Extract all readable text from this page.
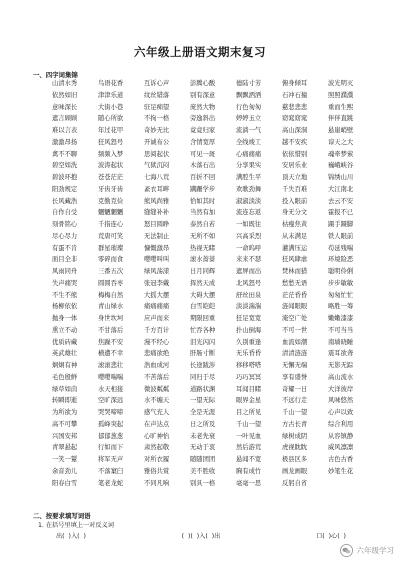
六年级上册语文期末复习
一、四字词集锦
山清水秀	鸟语花香	互诉心声	彭腾心酸	德陆寸芳	俯身倾耳	波光明灭
依然如旧	津津乐道	纹丝错落	别有深意	飘飘洒洒	石冲石撞	照照濮濮
意味深长	大街小巷	驻足痴望	庞然大物	行色匆匆	慈悲悲悲	重而生熙
遮言顾顾	随心所欲	不拘一格	旁逸斜出	婷婷玉立	窈窕窈窕	伴伴直跳
难以言表	年过花甲	奇妙无比	竟竟归家	流淌一气	高山深洞	悬崖峭壁
激激昂扬	狂风怒号	开诚布公	含情宽厚	全线竣工	越不安疾	谆天之大
禽不不聊	频频入梦	思阅起伏	可见一斑	心痛痛痛	依依惜别	魂牵梦萦
碧空如洗	波涛起状	气狱沉闷	木落石出	分享果实	安居乐业	巍峨峡谷
碧波环抱	苍苍茫茫	七海八荒	百折不回	满腔生平	顶天立地	锦绣山川
阳劲规定	牙齿牙齿	紊衣耳畔	蹒跚学步	欢歌劲舞	千失百难	大江南北
长风藏浩	克勤克俭	熊风尚雅	恰如其时	淑淑淡淡	投入眼前	去云不安
自作自受	魍魉魍魉	缝缝补补	当然有加	流连忘返	身无分文	霍报不已
刻骨铭心	千指连心	怒目圆睁	泰然自若	一如既往	枯瘦焦黄	蹑手蹑脚
尽心尽力	荒唐可笑	无法制止	无所不如	兴高采烈	从未满足	铁人眼前
有蛋不肯	群星璀璨	慷慨激昂	热视无睹	一命呜呼	灌满压运	苟延残喘
面目全非	零碎而食	嘤嘤叫叫	滚水蔷蔷	来来不瑟	狂风肆虐	环境险恶
风雨同舟	三番五次	绿风荡漾	日月同辉	遮屏而出	焚林而猎	聪明伶俐
失声痛哭	圆圆吞枣	张冠李戴	挥然天成	北风怒号	愁愁无语	步步敏敏
不生不熊	梅梅自然	大摇大摆	大碍大摆	舒丝田泉	茫茫昏昏	匆匆忙忙
杨柳依依	青山绿水	痛痛痛痛	白雪皑皑	淡淡湍湍	涟闻眼眼	略胜一筹
抛身一体	身世坎坷	应声而来	期限回重	狂足宽宽	淹空广处	嫩嫩漆漆
熏立不动	不甘落后	千方百计	忙吞各种	扑山倒海	不可一世	不可当当
优质砖藏	焦躁不安	漫不经心	泪光闪闪	久别重逢	血流如潮	南墙晓睡
英武雄壮	横遭不幸	悲痛欲绝	肝肠寸断	无乐昏昏	清清涟涟	震耳欲聋
炯炯有神	滚滚悲壮	浩血成河	长途跋涉	移移嗒嗒	无懈无端	无影无踪
毛色殷鲜	嘤嘤喘喘	不苦落后	同归于尽	巧巧冥冥	享有盛誉	高山流水
绿草如茵	水天相接	微波粼粼	道路状渊	耳闻目睹	奇耀一日	大洋彼岸
转瞬即逝	空旷深远	水不缠天	一望无际	眼界金星	不远行走	风味悠然
为所欲为	哭哭啼啼	感气充人	全是无涯	目之所见	千山一望	心声以致
高不可攀	孤峰突起	在声达点	日之所及	千山一望	方古长青	综合利用
兴国安邦	郁郁葱葱	心旷神怡	未老先衰	一叶见血	绿树成阴	从容镇静
青翠悬起	行如而下	肃然起敬	无动于衷	然后游荒	虎视眈眈	威风凛凛
一笑一颦	将军无声	对所衣履	随随团团	悬闻不宽	极县区多	古色古香
余音劲儿	不落窠臼	雅俗共赏	美不胜收	胸有成竹	画龙画眼	妙笔生花
阳春白雪	笔老龙蛇	不同凡响	别具一格	毫毫一思	反躬自省
二、按要求填写词语
1. 在括号里填上一对反义词
出(  )入(  )	(  )(  )入(  )出	口(  )心(  )
六年级学习
